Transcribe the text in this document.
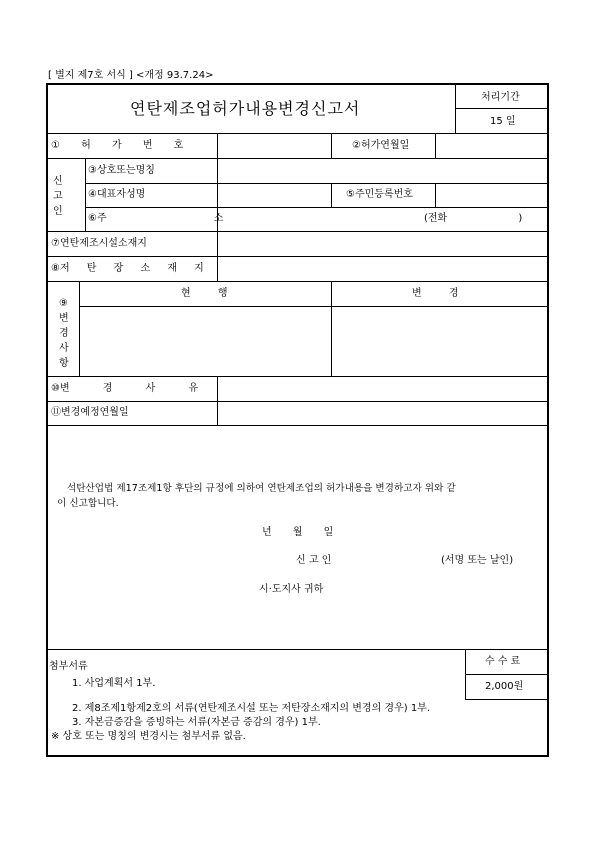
[ 별지 제7호 서식 ] <개정 93.7.24>
연탄제조업허가내용변경신고서
처리기간
15 일
① 허 가 번 호	②허가연월일
신고인
③상호또는명칭
④대표자성명	⑤주민등록번호
⑥주 소	(전화 )
⑦연탄제조시설소재지
⑧저 탄 장 소 재 지
⑨변경사항
현 행	변 경
⑩변 경 사 유
⑪변경예정연월일
석탄산업법 제17조제1항 후단의 규정에 의하여 연탄제조업의 허가내용을 변경하고자 위와 같
이 신고합니다.
년 월 일
신 고 인	(서명 또는 날인)
시·도지사 귀하
첨부서류
1. 사업계획서 1부.
2. 제8조제1항제2호의 서류(연탄제조시설 또는 저탄장소재지의 변경의 경우) 1부.
3. 자본금증감을 증빙하는 서류(자본금 증감의 경우) 1부.
※ 상호 또는 명칭의 변경시는 첨부서류 없음.
수 수 료
2,000원
